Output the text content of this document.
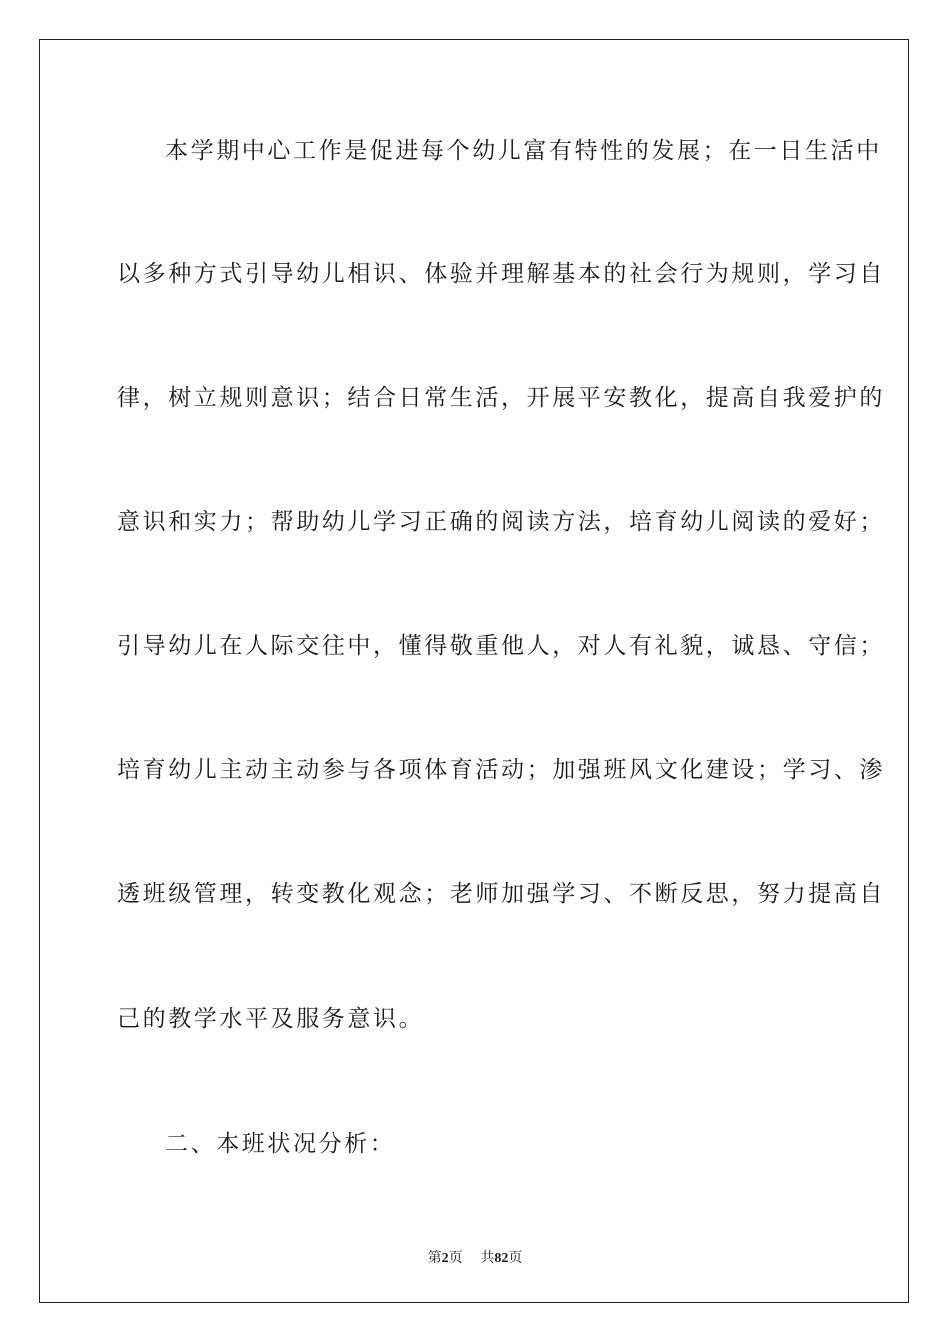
本学期中心工作是促进每个幼儿富有特性的发展；在一日生活中
以多种方式引导幼儿相识、体验并理解基本的社会行为规则，学习自
律，树立规则意识；结合日常生活，开展平安教化，提高自我爱护的
意识和实力；帮助幼儿学习正确的阅读方法，培育幼儿阅读的爱好；
引导幼儿在人际交往中，懂得敬重他人，对人有礼貌，诚恳、守信；
培育幼儿主动主动参与各项体育活动；加强班风文化建设；学习、渗
透班级管理，转变教化观念；老师加强学习、不断反思，努力提高自
己的教学水平及服务意识。
二、本班状况分析：
第2页 共82页
